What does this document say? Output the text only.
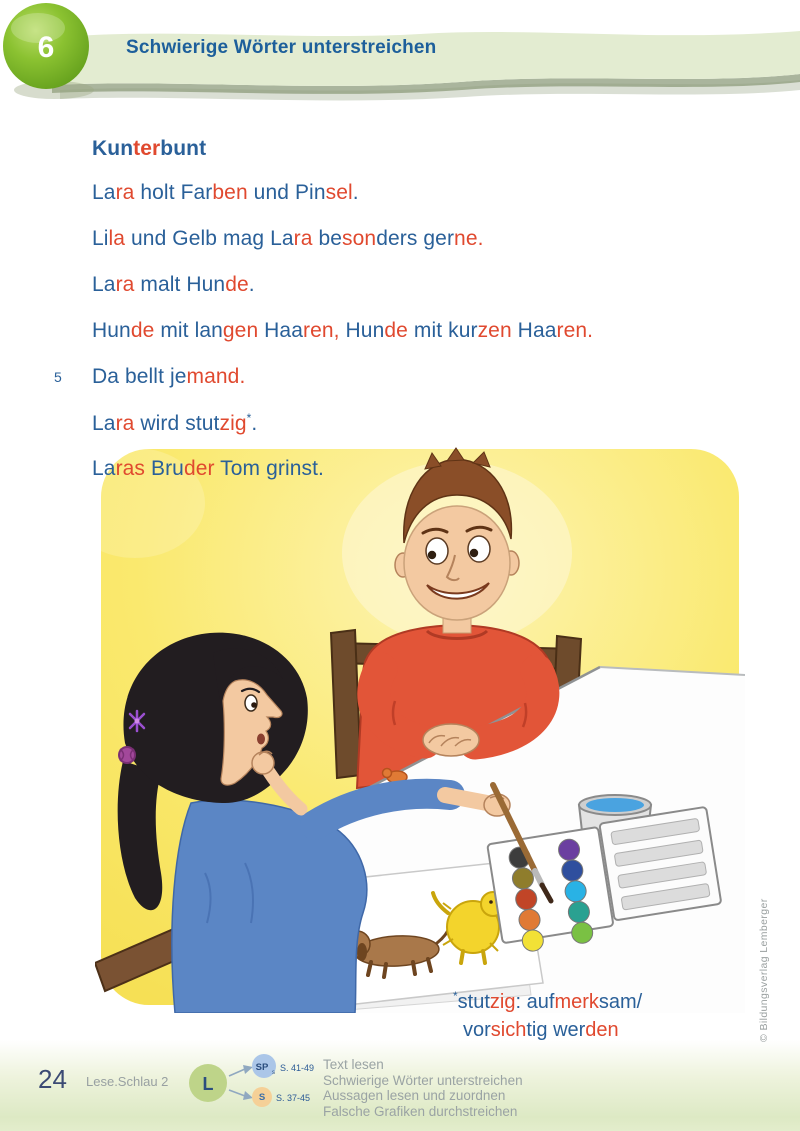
6	Schwierige Wörter unterstreichen
Kunterbunt
Lara holt Farben und Pinsel.
Lila und Gelb mag Lara besonders gerne.
Lara malt Hunde.
Hunde mit langen Haaren, Hunde mit kurzen Haaren.
5 Da bellt jemand.
Lara wird stutzig*.
Laras Bruder Tom grinst.
*stutzig: aufmerksam/
vorsichtig werden
24 Lese.Schlau 2 L
SP s
S
S. 41-49
S. 37-45
Text lesen
Schwierige Wörter unterstreichen
Aussagen lesen und zuordnen
Falsche Grafiken durchstreichen
© Bildungsverlag Lemberger
